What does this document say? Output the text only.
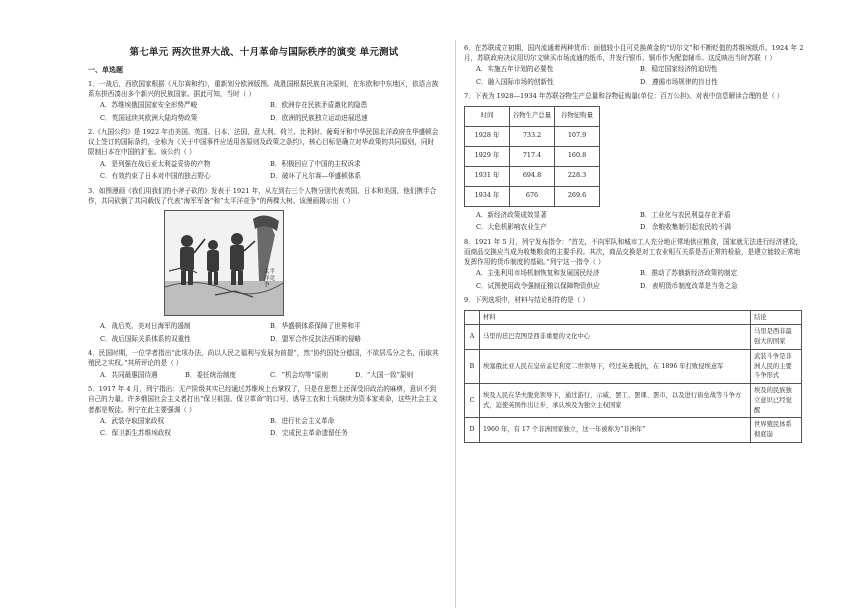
第七单元 两次世界大战、十月革命与国际秩序的演变 单元测试
一、单选题

1．一战后，西欧国家根据《凡尔赛和约》，重新划分欧洲版图。战胜国根据民族自决原则，在东欧和中东地区，依语言族系东拼西凑出多个新兴的民族国家。据此可知，当时（ ）

A．苏维埃俄国国家安全形势严峻	B．欧洲存在民族矛盾激化的隐患
C．英国延续其欧洲大陆均势政策	D．欧洲的民族独立运动进展迅速

2.《九国公约》是 1922 年由美国、英国、日本、法国、意大利、荷兰、比利时、葡萄牙和中华民国北洋政府在华盛顿会议上签订的国际条约，全称为《关于中国事件应适用各原则及政策之条约》，核心目标是确立对华政策的共同原则，同时限制日本在中国的扩张。该公约（ ）

A．是列强在战后亚太利益妥协的产物	B．积极回应了中国的主权诉求
C．有效约束了日本对中国的独占野心	D．破坏了凡尔赛—华盛顿体系

3．如图漫画《我们用我们的小斧子砍的》发表于 1921 年，从左到右三个人物分别代表英国、日本和美国，他们携手合作，共同砍倒了共同载伐了代表“海军军备”和“太平洋竞争”的两棵大树。该漫画揭示出（ ）

太平洋竞争
A．战后英、美对日海军的遏制	B．华盛顿体系保障了世界和平
C．战后国际关系体系的双重性	D．盟军合作反抗法西斯的侵略

4．民国时期，一位学者指出“此项办法，尚以人民之福利与发展为前提”，然“协约国处分德国，不欲居瓜分之名，而取其殖民之实权。”其所评论的是（ ）

A．共同最惠国待遇	B．委任统治制度	C．“机会均等”原则	D．“大国一致”原则

5．1917 年 4 月，列宁指出：无产阶级其实已经通过苏维埃上台掌权了，只是在思想上还深受旧政治的麻痹，意识不到自己的力量。许多俄国社会主义者打出“保卫祖国、保卫革命”的口号，诱导工农和士兵继续为资本家卖命，这些社会主义者都是叛徒。列宁在此主要强调（ ）

A．武装夺取国家政权	B．进行社会主义革命
C．保卫新生苏维埃政权	D．完成民主革命遗留任务

6．在苏联成立初期，国内流通着两种货币：面值较小且可兑换黄金的“切尔文”和不断贬值的苏维埃纸币。1924 年 2 月，苏联政府决议用切尔文赎买市场流通的纸币，并发行银币、铜币作为配套辅币。这反映出当时苏联（ ）

A．实施五年计划的必要性	B．稳定国家经济的迫切性
C．融入国际市场的创新性	D．遵循市场规律的盲目性

7．下表为 1928—1934 年苏联谷物生产总量和谷物征购量(单位：百万公担)。对表中信息解读合理的是（ ）

时间	谷物生产总量	谷物征购量
1928 年	733.2	107.9
1929 年	717.4	160.8
1931 年	694.8	228.3
1934 年	676	269.6
A．新经济政策成效显著	B．工业化与农民利益存在矛盾
C．大危机影响农业生产	D．余粮收集制引起农民的不满

8．1921 年 5 月，列宁发布指令：“首先，不向军队和城市工人充分地正常地供应粮食，国家就无法进行经济建设，而商品交换应当成为收集粮食的主要手段。其次，商品交换是对工农业相互关系是否正常的检验，是建立能较正常地发挥作用的货币制度的基础。”列宁这一指令（ ）

A．主张利用市场机制恢复和发展国民经济	B．推动了苏俄新经济政策的制定
C．试图使用政令强制征粮以保障物资供应	D．表明货币制度改革是当务之急

9．下列选项中，材料与结论相符的是（ ）

	材料	结论
A	马里的廷巴克图是西非重要的文化中心	马里是西非最强大的国家
B	埃塞俄比亚人民在皇帝孟尼利克二世领导下，经过英勇抵抗，在 1896 年打败侵埃意军	武装斗争是非洲人民的主要斗争形式
C	埃及人民在华夫脱党领导下，通过游行、示威、罢工、罢课、罢市，以及进行街垒战等斗争方式，迫使英国作出让步，承认埃及为独立主权国家	埃及的民族独立意识已经觉醒
D	1960 年，有 17 个非洲国家独立，这一年被称为“非洲年”	世界殖民体系彻底崩
